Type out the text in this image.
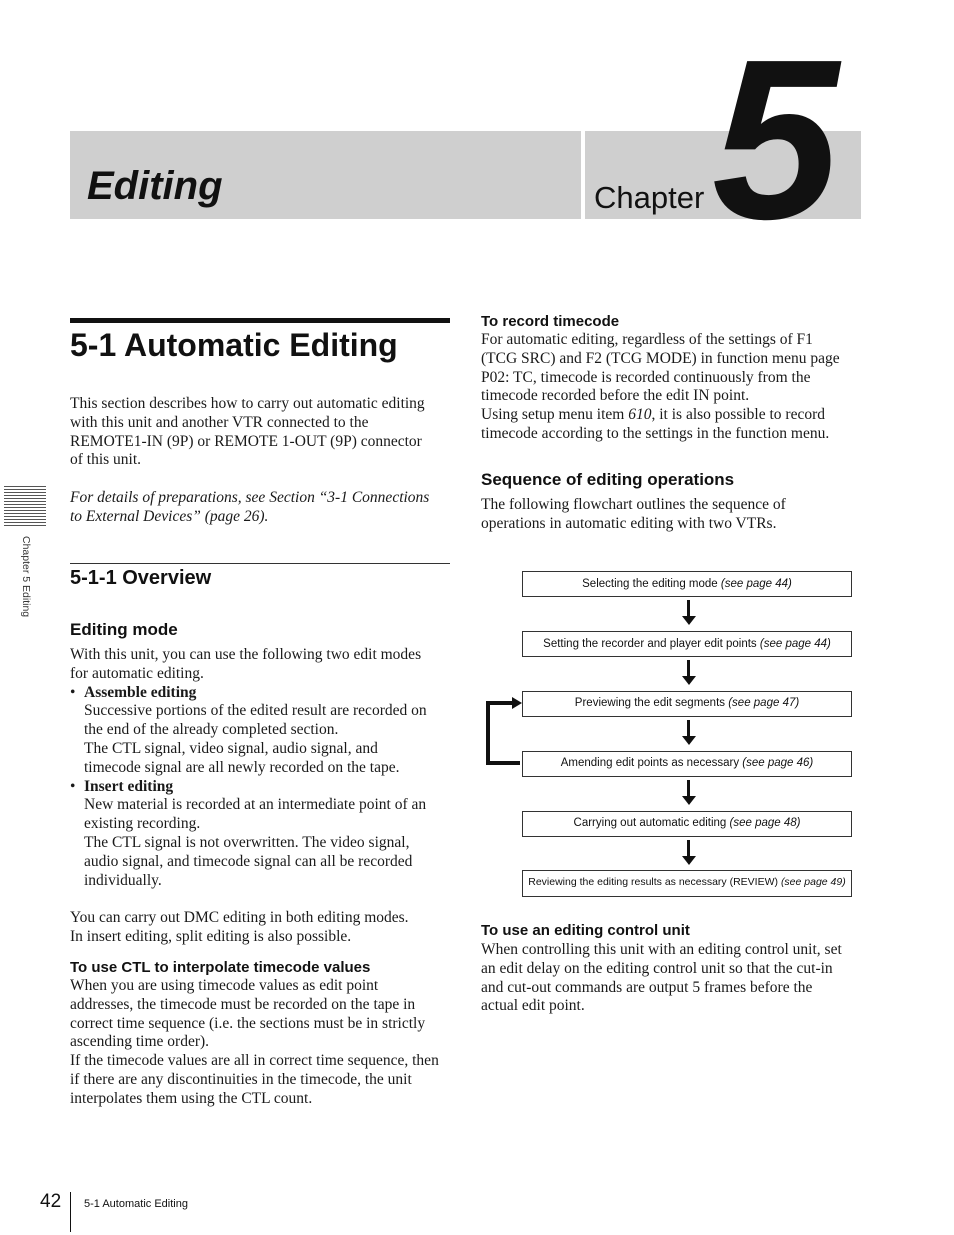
Editing	Chapter 5
Chapter 5 Editing
5-1 Automatic Editing

This section describes how to carry out automatic editing

with this unit and another VTR connected to the

REMOTE1-IN (9P) or REMOTE 1-OUT (9P) connector

of this unit.

For details of preparations, see Section “3-1 Connections

to External Devices” (page 26).

5-1-1 Overview
Editing mode

With this unit, you can use the following two edit modes

for automatic editing.

• Assemble editing

Successive portions of the edited result are recorded on

the end of the already completed section.

The CTL signal, video signal, audio signal, and

timecode signal are all newly recorded on the tape.

• Insert editing

New material is recorded at an intermediate point of an

existing recording.

The CTL signal is not overwritten. The video signal,

audio signal, and timecode signal can all be recorded

individually.

You can carry out DMC editing in both editing modes.

In insert editing, split editing is also possible.

To use CTL to interpolate timecode values

When you are using timecode values as edit point

addresses, the timecode must be recorded on the tape in

correct time sequence (i.e. the sections must be in strictly

ascending time order).

If the timecode values are all in correct time sequence, then

if there are any discontinuities in the timecode, the unit

interpolates them using the CTL count.

To record timecode

For automatic editing, regardless of the settings of F1

(TCG SRC) and F2 (TCG MODE) in function menu page

P02: TC, timecode is recorded continuously from the

timecode recorded before the edit IN point.

Using setup menu item 610, it is also possible to record

timecode according to the settings in the function menu.

Sequence of editing operations

The following flowchart outlines the sequence of

operations in automatic editing with two VTRs.

Selecting the editing mode (see page 44)
Setting the recorder and player edit points (see page 44)
Previewing the edit segments (see page 47)
Amending edit points as necessary (see page 46)
Carrying out automatic editing (see page 48)
Reviewing the editing results as necessary (REVIEW) (see page 49)
To use an editing control unit

When controlling this unit with an editing control unit, set

an edit delay on the editing control unit so that the cut-in

and cut-out commands are output 5 frames before the

actual edit point.

42 5-1 Automatic Editing
